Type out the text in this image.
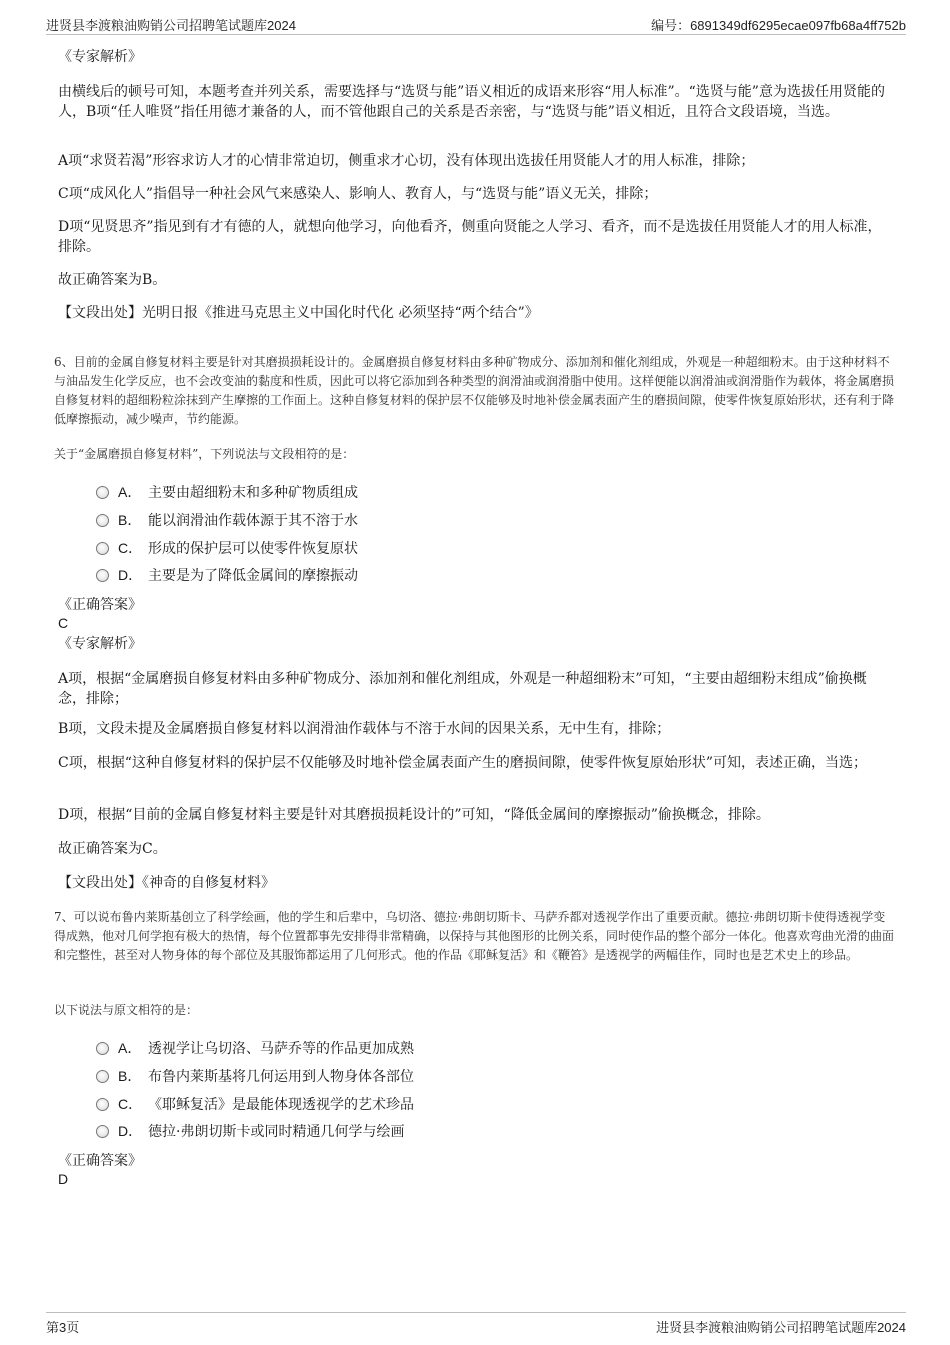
进贤县李渡粮油购销公司招聘笔试题库2024	编号：6891349df6295ecae097fb68a4ff752b
《专家解析》

由横线后的顿号可知，本题考查并列关系，需要选择与“选贤与能”语义相近的成语来形容“用人标准”。“选贤与能”意为选拔任用贤能的人，B项“任人唯贤”指任用德才兼备的人，而不管他跟自己的关系是否亲密，与“选贤与能”语义相近，且符合文段语境，当选。

A项“求贤若渴”形容求访人才的心情非常迫切，侧重求才心切，没有体现出选拔任用贤能人才的用人标准，排除；

C项“成风化人”指倡导一种社会风气来感染人、影响人、教育人，与“选贤与能”语义无关，排除；

D项“见贤思齐”指见到有才有德的人，就想向他学习，向他看齐，侧重向贤能之人学习、看齐，而不是选拔任用贤能人才的用人标准，排除。

故正确答案为B。

【文段出处】光明日报《推进马克思主义中国化时代化 必须坚持“两个结合”》

6、目前的金属自修复材料主要是针对其磨损损耗设计的。金属磨损自修复材料由多种矿物成分、添加剂和催化剂组成，外观是一种超细粉末。由于这种材料不与油品发生化学反应，也不会改变油的黏度和性质，因此可以将它添加到各种类型的润滑油或润滑脂中使用。这样便能以润滑油或润滑脂作为载体，将金属磨损自修复材料的超细粉粒涂抹到产生摩擦的工作面上。这种自修复材料的保护层不仅能够及时地补偿金属表面产生的磨损间隙，使零件恢复原始形状，还有利于降低摩擦振动，减少噪声，节约能源。

关于“金属磨损自修复材料”，下列说法与文段相符的是：

A． 主要由超细粉末和多种矿物质组成
B． 能以润滑油作载体源于其不溶于水
C． 形成的保护层可以使零件恢复原状
D． 主要是为了降低金属间的摩擦振动
《正确答案》
C
《专家解析》

A项，根据“金属磨损自修复材料由多种矿物成分、添加剂和催化剂组成，外观是一种超细粉末”可知，“主要由超细粉末组成”偷换概念，排除；

B项，文段未提及金属磨损自修复材料以润滑油作载体与不溶于水间的因果关系，无中生有，排除；

C项，根据“这种自修复材料的保护层不仅能够及时地补偿金属表面产生的磨损间隙，使零件恢复原始形状”可知，表述正确，当选；

D项，根据“目前的金属自修复材料主要是针对其磨损损耗设计的”可知，“降低金属间的摩擦振动”偷换概念，排除。

故正确答案为C。

【文段出处】《神奇的自修复材料》

7、可以说布鲁内莱斯基创立了科学绘画，他的学生和后辈中，乌切洛、德拉·弗朗切斯卡、马萨乔都对透视学作出了重要贡献。德拉·弗朗切斯卡使得透视学变得成熟，他对几何学抱有极大的热情，每个位置都事先安排得非常精确，以保持与其他图形的比例关系，同时使作品的整个部分一体化。他喜欢弯曲光滑的曲面和完整性，甚至对人物身体的每个部位及其服饰都运用了几何形式。他的作品《耶稣复活》和《鞭笞》是透视学的两幅佳作，同时也是艺术史上的珍品。

以下说法与原文相符的是：

A． 透视学让乌切洛、马萨乔等的作品更加成熟
B． 布鲁内莱斯基将几何运用到人物身体各部位
C． 《耶稣复活》是最能体现透视学的艺术珍品
D． 德拉·弗朗切斯卡或同时精通几何学与绘画
《正确答案》
D
第3页	进贤县李渡粮油购销公司招聘笔试题库2024
